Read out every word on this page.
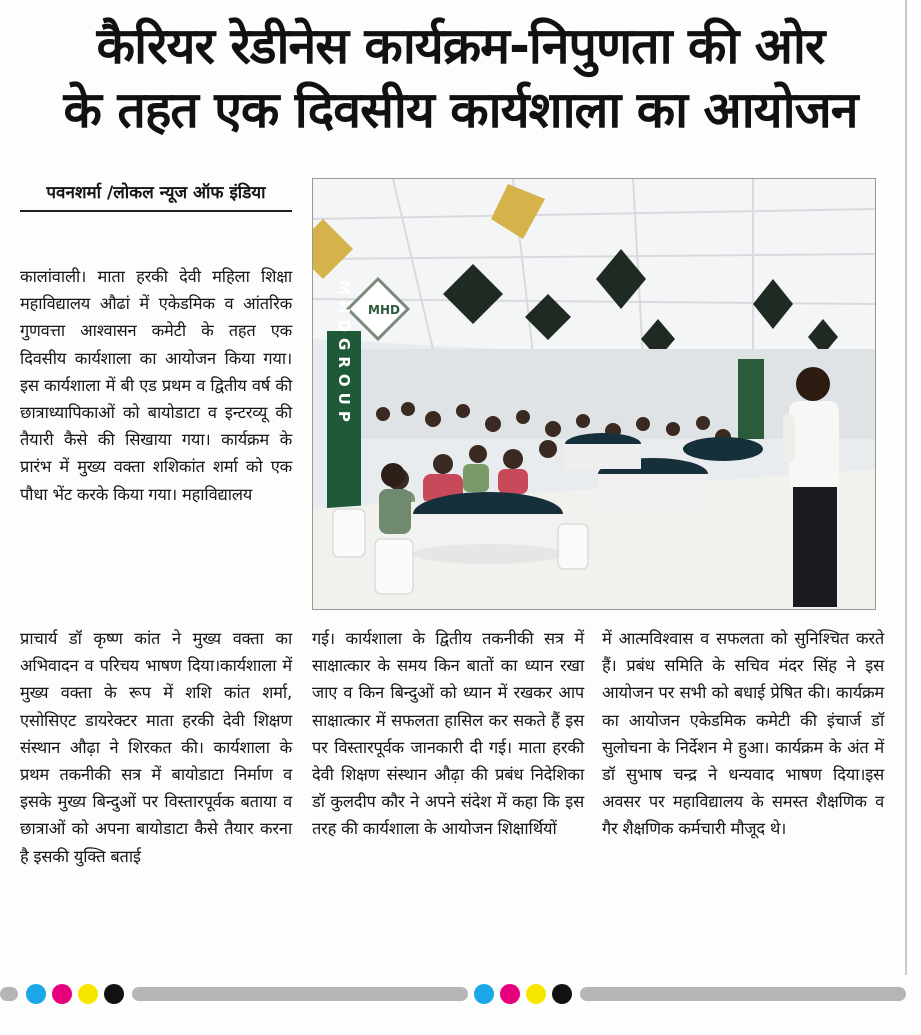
कैरियर रेडीनेस कार्यक्रम-निपुणता की ओर
के तहत एक दिवसीय कार्यशाला का आयोजन
पवनशर्मा /लोकल न्यूज ऑफ इंडिया
कालांवाली। माता हरकी देवी महिला शिक्षा महाविद्यालय औढां में एकेडमिक व आंतरिक गुणवत्ता आश्वासन कमेटी के तहत एक दिवसीय कार्यशाला का आयोजन किया गया। इस कार्यशाला में बी एड प्रथम व द्वितीय वर्ष की छात्राध्यापिकाओं को बायोडाटा व इन्टरव्यू की तैयारी कैसे की सिखाया गया। कार्यक्रम के प्रारंभ में मुख्य वक्ता शशिकांत शर्मा को एक पौधा भेंट करके किया गया। महाविद्यालय
MHD
MHDGROUP
प्राचार्य डॉ कृष्ण कांत ने मुख्य वक्ता का अभिवादन व परिचय भाषण दिया।कार्यशाला में मुख्य वक्ता के रूप में शशि कांत शर्मा, एसोसिएट डायरेक्टर माता हरकी देवी शिक्षण संस्थान औढ़ा ने शिरकत की। कार्यशाला के प्रथम तकनीकी सत्र में बायोडाटा निर्माण व इसके मुख्य बिन्दुओं पर विस्तारपूर्वक बताया व छात्राओं को अपना बायोडाटा कैसे तैयार करना है इसकी युक्ति बताई
गई। कार्यशाला के द्वितीय तकनीकी सत्र में साक्षात्कार के समय किन बातों का ध्यान रखा जाए व किन बिन्दुओं को ध्यान में रखकर आप साक्षात्कार में सफलता हासिल कर सकते हैं इस पर विस्तारपूर्वक जानकारी दी गई। माता हरकी देवी शिक्षण संस्थान औढ़ा की प्रबंध निदेशिका डॉ कुलदीप कौर ने अपने संदेश में कहा कि इस तरह की कार्यशाला के आयोजन शिक्षार्थियों
में आत्मविश्वास व सफलता को सुनिश्चित करते हैं। प्रबंध समिति के सचिव मंदर सिंह ने इस आयोजन पर सभी को बधाई प्रेषित की। कार्यक्रम का आयोजन एकेडमिक कमेटी की इंचार्ज डॉ सुलोचना के निर्देशन मे हुआ। कार्यक्रम के अंत में डॉ सुभाष चन्द्र ने धन्यवाद भाषण दिया।इस अवसर पर महाविद्यालय के समस्त शैक्षणिक व गैर शैक्षणिक कर्मचारी मौजूद थे।
